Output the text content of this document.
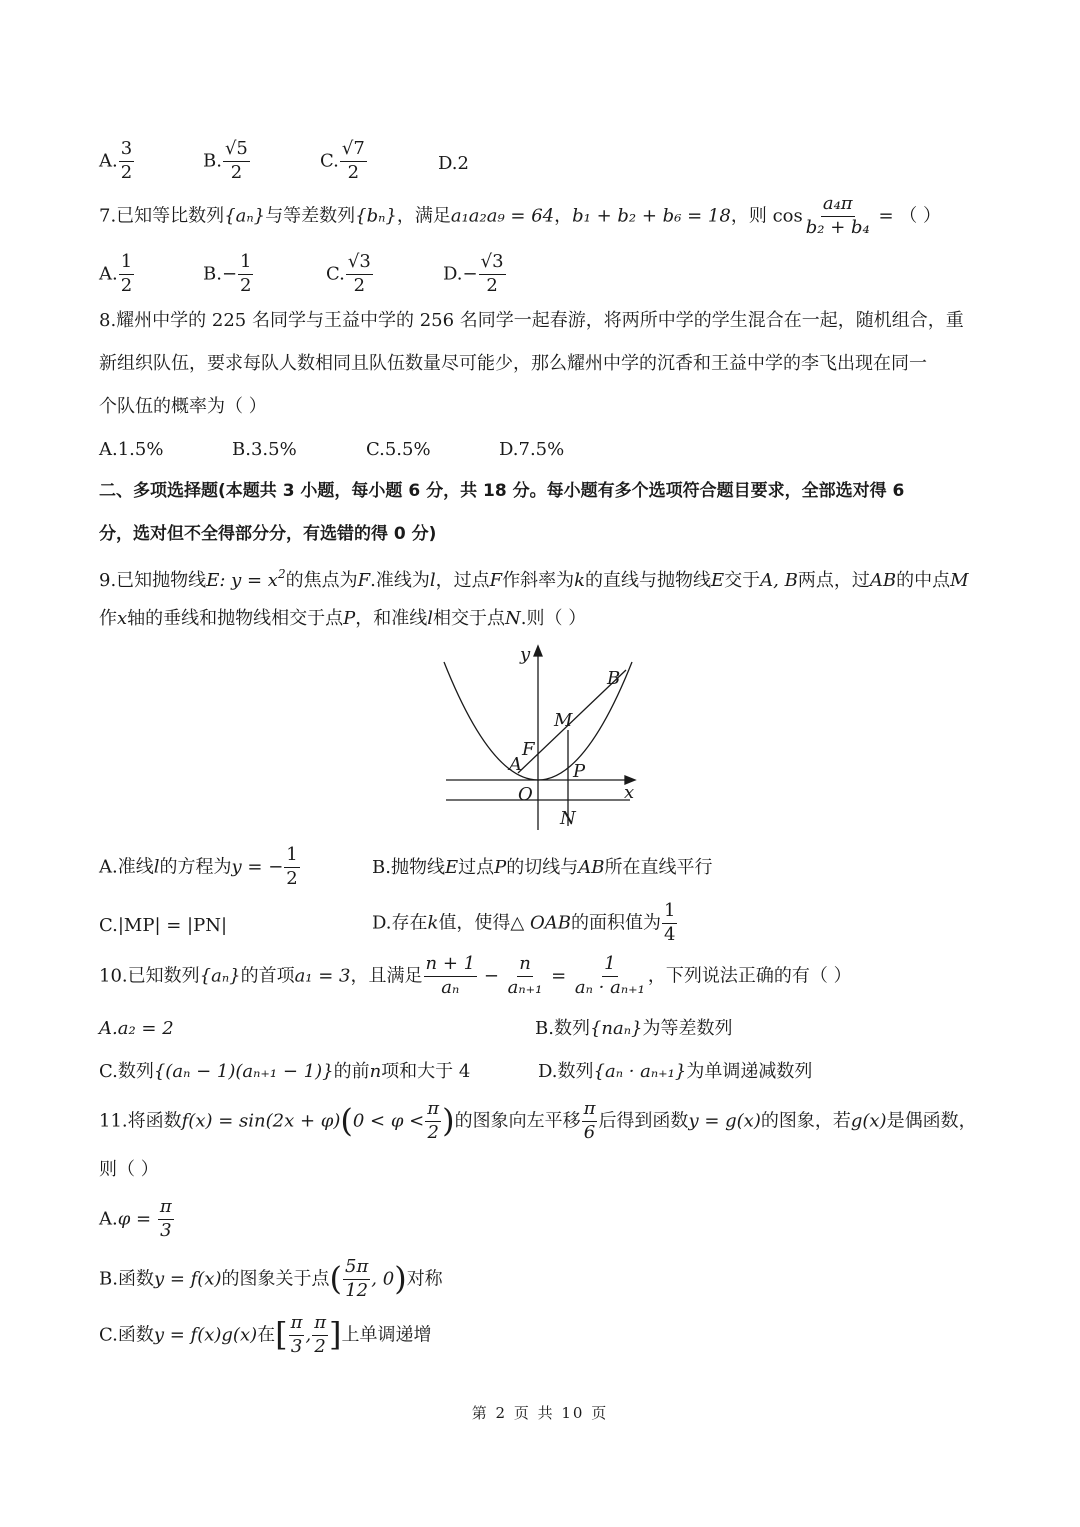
A. $\frac{3}{2}$	B. $\frac{√5}{2}$	C. $\frac{√7}{2}$	D.2
7.已知等比数列{aₙ}与等差数列{bₙ}，满足a₁a₂a₉ = 64，b₁ + b₂ + b₆ = 18，则 $\cos \frac{\text{a₄π}}{\text{b₂ + b₄}}$ = （ ）
A. $\frac{1}{2}$	$B.- \frac{1}{2}$	C. $\frac{√3}{2}$	$D.- \frac{√3}{2}$
8.耀州中学的 225 名同学与王益中学的 256 名同学一起春游，将两所中学的学生混合在一起，随机组合，重
新组织队伍，要求每队人数相同且队伍数量尽可能少，那么耀州中学的沉香和王益中学的李飞出现在同一
个队伍的概率为（ ）
A.1.5%	B.3.5%	C.5.5%	D.7.5%
二、多项选择题(本题共 3 小题，每小题 6 分，共 18 分。每小题有多个选项符合题目要求，全部选对得 6
分，选对但不全得部分分，有选错的得 0 分)
9.已知抛物线E: $y = x^2$的焦点为F.准线为l，过点F作斜率为k的直线与抛物线E交于A, B两点，过AB的中点M
作x轴的垂线和抛物线相交于点P，和准线l相交于点N.则（ ）
y
x
O
N
P
A
F
M
B
A.准线l的方程为y = − $\frac{1}{2}$	B.抛物线E过点P的切线与AB所在直线平行
C.|MP| = |PN|	D.存在k值，使得△ OAB的面积值为 $\frac{1}{4}$
10.已知数列{aₙ}的首项a₁ = 3，且满足 $\frac{n + 1}{\text{aₙ}} - \frac{n}{\text{aₙ₊₁}} = \frac{1}{\text{aₙ · aₙ₊₁}}$ ，下列说法正确的有（ ）
A.a₂ = 2	B.数列{naₙ}为等差数列
C.数列{(aₙ − 1)(aₙ₊₁ − 1)}的前n项和大于 4	D.数列{aₙ · aₙ₊₁}为单调递减数列
11.将函数$f(x) = \sin(2x + \varphi)(0 < \varphi < \frac{\pi}{2}$ )的图象向左平移 $\frac{\pi}{6}$ 后得到函数y = g(x)的图象，若g(x)是偶函数，
则（ ）
$A.\varphi = \frac{\pi}{3}$
B.函数y = f(x)的图象关于点( $\frac{5\pi}{12}$ , 0)对称
C.函数y = f(x)g(x)在[ $\frac{\pi}{3}$ , $\frac{\pi}{2}$ ]上单调递增
第 2 页 共 10 页
